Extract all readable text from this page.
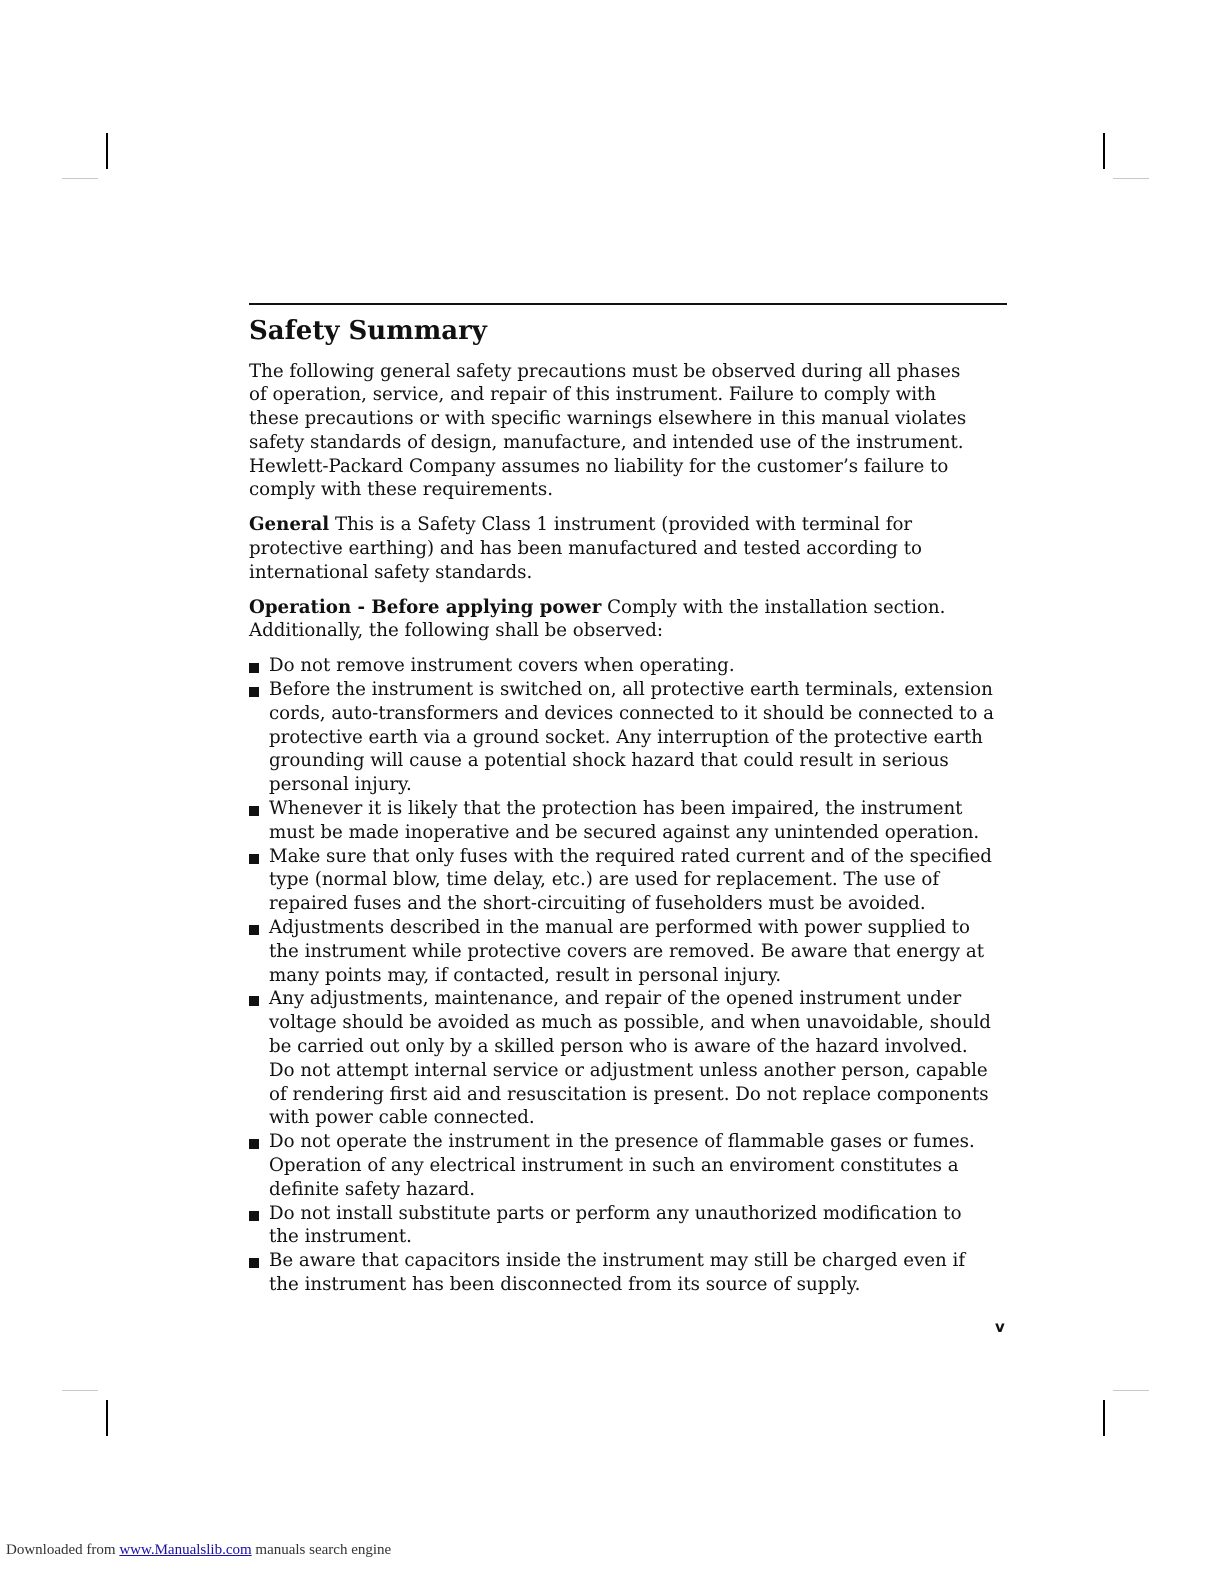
Safety Summary

The following general safety precautions must be observed during all phases
of operation, service, and repair of this instrument. Failure to comply with
these precautions or with specific warnings elsewhere in this manual violates
safety standards of design, manufacture, and intended use of the instrument.
Hewlett-Packard Company assumes no liability for the customer’s failure to
comply with these requirements.

General This is a Safety Class 1 instrument (provided with terminal for
protective earthing) and has been manufactured and tested according to
international safety standards.

Operation - Before applying power Comply with the installation section.
Additionally, the following shall be observed:

Do not remove instrument covers when operating.
Before the instrument is switched on, all protective earth terminals, extension
cords, auto-transformers and devices connected to it should be connected to a
protective earth via a ground socket. Any interruption of the protective earth
grounding will cause a potential shock hazard that could result in serious
personal injury.
Whenever it is likely that the protection has been impaired, the instrument
must be made inoperative and be secured against any unintended operation.
Make sure that only fuses with the required rated current and of the specified
type (normal blow, time delay, etc.) are used for replacement. The use of
repaired fuses and the short-circuiting of fuseholders must be avoided.
Adjustments described in the manual are performed with power supplied to
the instrument while protective covers are removed. Be aware that energy at
many points may, if contacted, result in personal injury.
Any adjustments, maintenance, and repair of the opened instrument under
voltage should be avoided as much as possible, and when unavoidable, should
be carried out only by a skilled person who is aware of the hazard involved.
Do not attempt internal service or adjustment unless another person, capable
of rendering first aid and resuscitation is present. Do not replace components
with power cable connected.
Do not operate the instrument in the presence of flammable gases or fumes.
Operation of any electrical instrument in such an enviroment constitutes a
definite safety hazard.
Do not install substitute parts or perform any unauthorized modification to
the instrument.
Be aware that capacitors inside the instrument may still be charged even if
the instrument has been disconnected from its source of supply.
v
Downloaded from www.Manualslib.com manuals search engine
